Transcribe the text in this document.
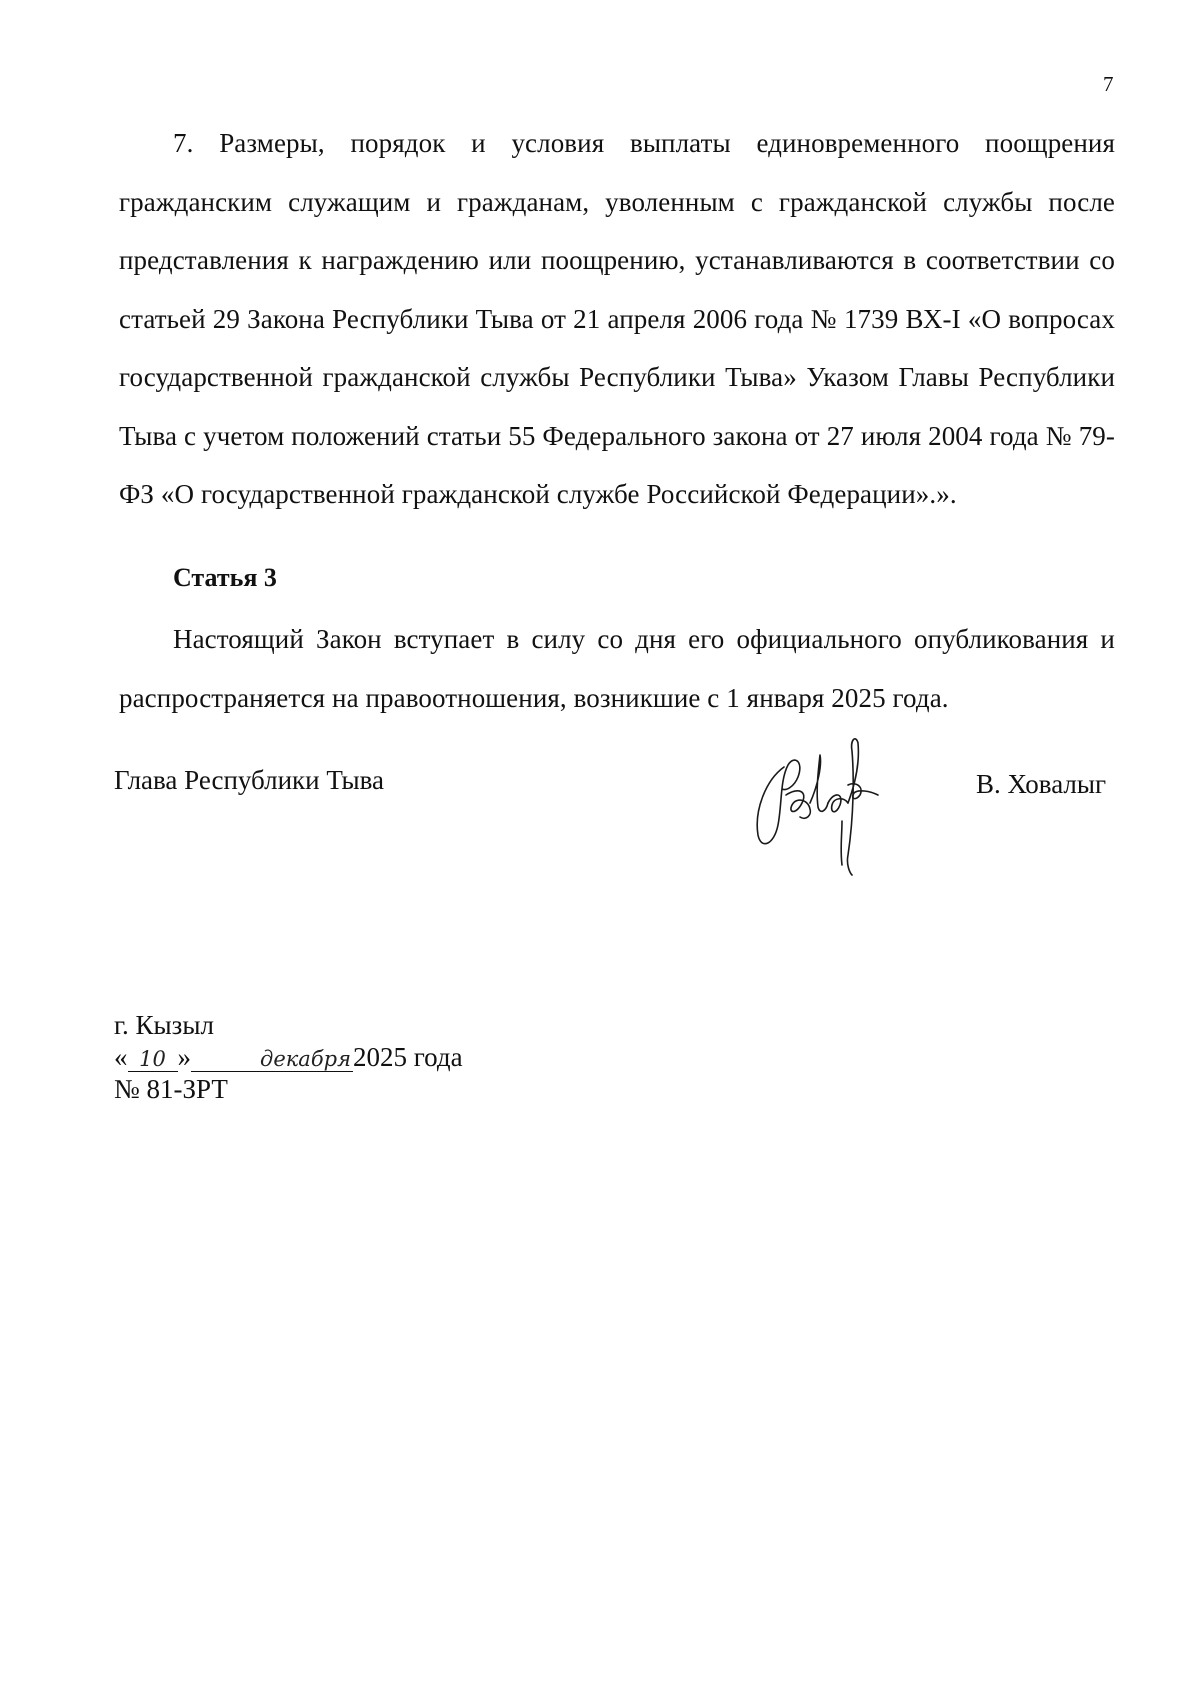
7

7. Размеры, порядок и условия выплаты единовременного поощрения гражданским служащим и гражданам, уволенным с гражданской службы после представления к награждению или поощрению, устанавливаются в соответствии со статьей 29 Закона Республики Тыва от 21 апреля 2006 года № 1739 ВХ-I «О вопросах государственной гражданской службы Республики Тыва» Указом Главы Республики Тыва с учетом положений статьи 55 Федерального закона от 27 июля 2004 года № 79-ФЗ «О государственной гражданской службе Российской Федерации».».

Статья 3

Настоящий Закон вступает в силу со дня его официального опубликования и распространяется на правоотношения, возникшие с 1 января 2025 года.

Глава Республики Тыва	В. Ховалыг
г. Кызыл
« 10 »	декабря2025 года
№ 81-ЗРТ
